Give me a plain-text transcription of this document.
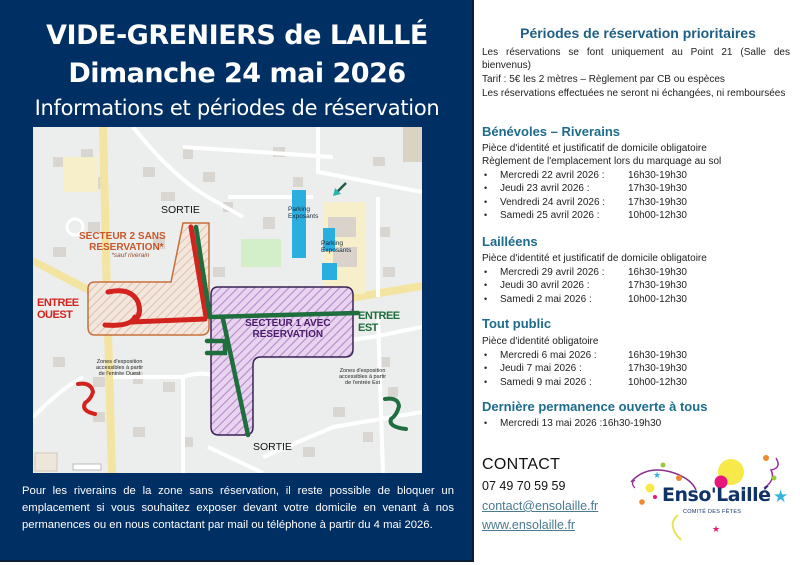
VIDE-GRENIERS de LAILLÉ
Dimanche 24 mai 2026
Informations et périodes de réservation
SORTIE
SECTEUR 2 SANS
RESERVATION*
*sauf riverain
ENTREE
OUEST
SECTEUR 1 AVEC
RESERVATION
ENTREE
EST
Parking
Exposants
Parking
Exposants
Zones d'exposition
accessibles à partir
de l'entrée Ouest	Zones d'exposition
accessibles à partir
de l'entrée Est
SORTIE
Pour les riverains de la zone sans réservation, il reste possible de bloquer un emplacement si vous souhaitez exposer devant votre domicile en venant à nos permanences ou en nous contactant par mail ou téléphone à partir du 4 mai 2026.
Périodes de réservation prioritaires
Les réservations se font uniquement au Point 21 (Salle des bienvenus)
Tarif : 5€ les 2 mètres – Règlement par CB ou espèces
Les réservations effectuées ne seront ni échangées, ni remboursées
Bénévoles – Riverains
Pièce d'identité et justificatif de domicile obligatoire
Règlement de l'emplacement lors du marquage au sol
•	Mercredi 22 avril 2026 :	16h30-19h30
•	Jeudi 23 avril 2026 :	17h30-19h30
•	Vendredi 24 avril 2026 :	17h30-19h30
•	Samedi 25 avril 2026 :	10h00-12h30
Lailléens
Pièce d'identité et justificatif de domicile obligatoire
•	Mercredi 29 avril 2026 :	16h30-19h30
•	Jeudi 30 avril 2026 :	17h30-19h30
•	Samedi 2 mai 2026 :	10h00-12h30
Tout public
Pièce d'identité obligatoire
•	Mercredi 6 mai 2026 :	16h30-19h30
•	Jeudi 7 mai 2026 :	17h30-19h30
•	Samedi 9 mai 2026 :	10h00-12h30
Dernière permanence ouverte à tous
•	Mercredi 13 mai 2026 : 16h30-19h30
CONTACT
07 49 70 59 59
contact@ensolaille.fr
www.ensolaille.fr
★
★
★
Enso'Laillé
COMITÉ DES FÊTES
